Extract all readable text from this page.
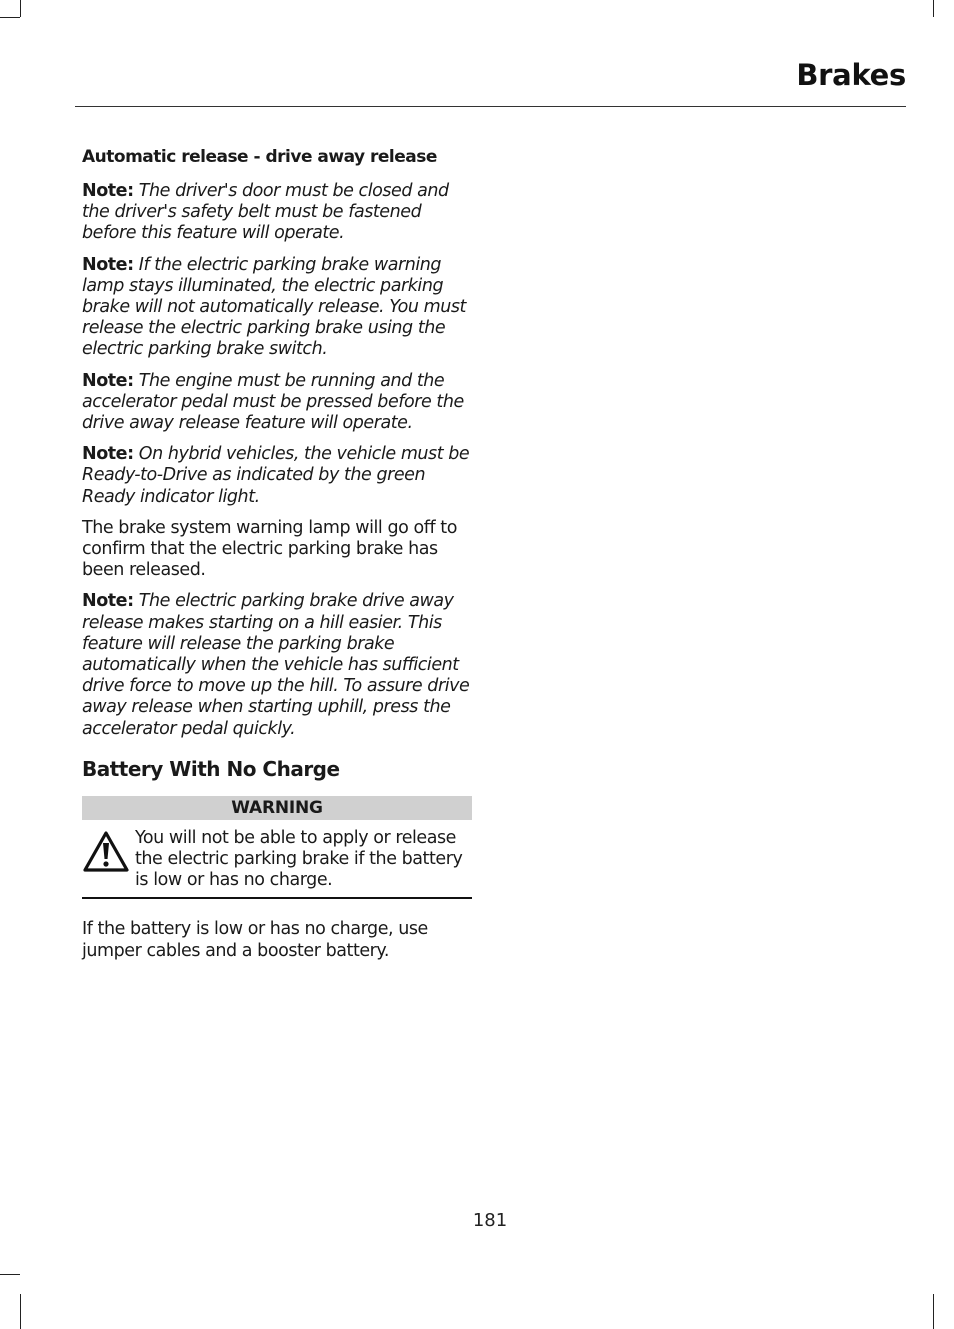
Brakes
Automatic release - drive away release

Note: The driver's door must be closed and the driver's safety belt must be fastened before this feature will operate.

Note: If the electric parking brake warning lamp stays illuminated, the electric parking brake will not automatically release. You must release the electric parking brake using the electric parking brake switch.

Note: The engine must be running and the accelerator pedal must be pressed before the drive away release feature will operate.

Note: On hybrid vehicles, the vehicle must be Ready-to-Drive as indicated by the green Ready indicator light.

The brake system warning lamp will go off to confirm that the electric parking brake has been released.

Note: The electric parking brake drive away release makes starting on a hill easier. This feature will release the parking brake automatically when the vehicle has sufficient drive force to move up the hill. To assure drive away release when starting uphill, press the accelerator pedal quickly.

Battery With No Charge
WARNING
You will not be able to apply or release the electric parking brake if the battery is low or has no charge.

If the battery is low or has no charge, use jumper cables and a booster battery.

181
